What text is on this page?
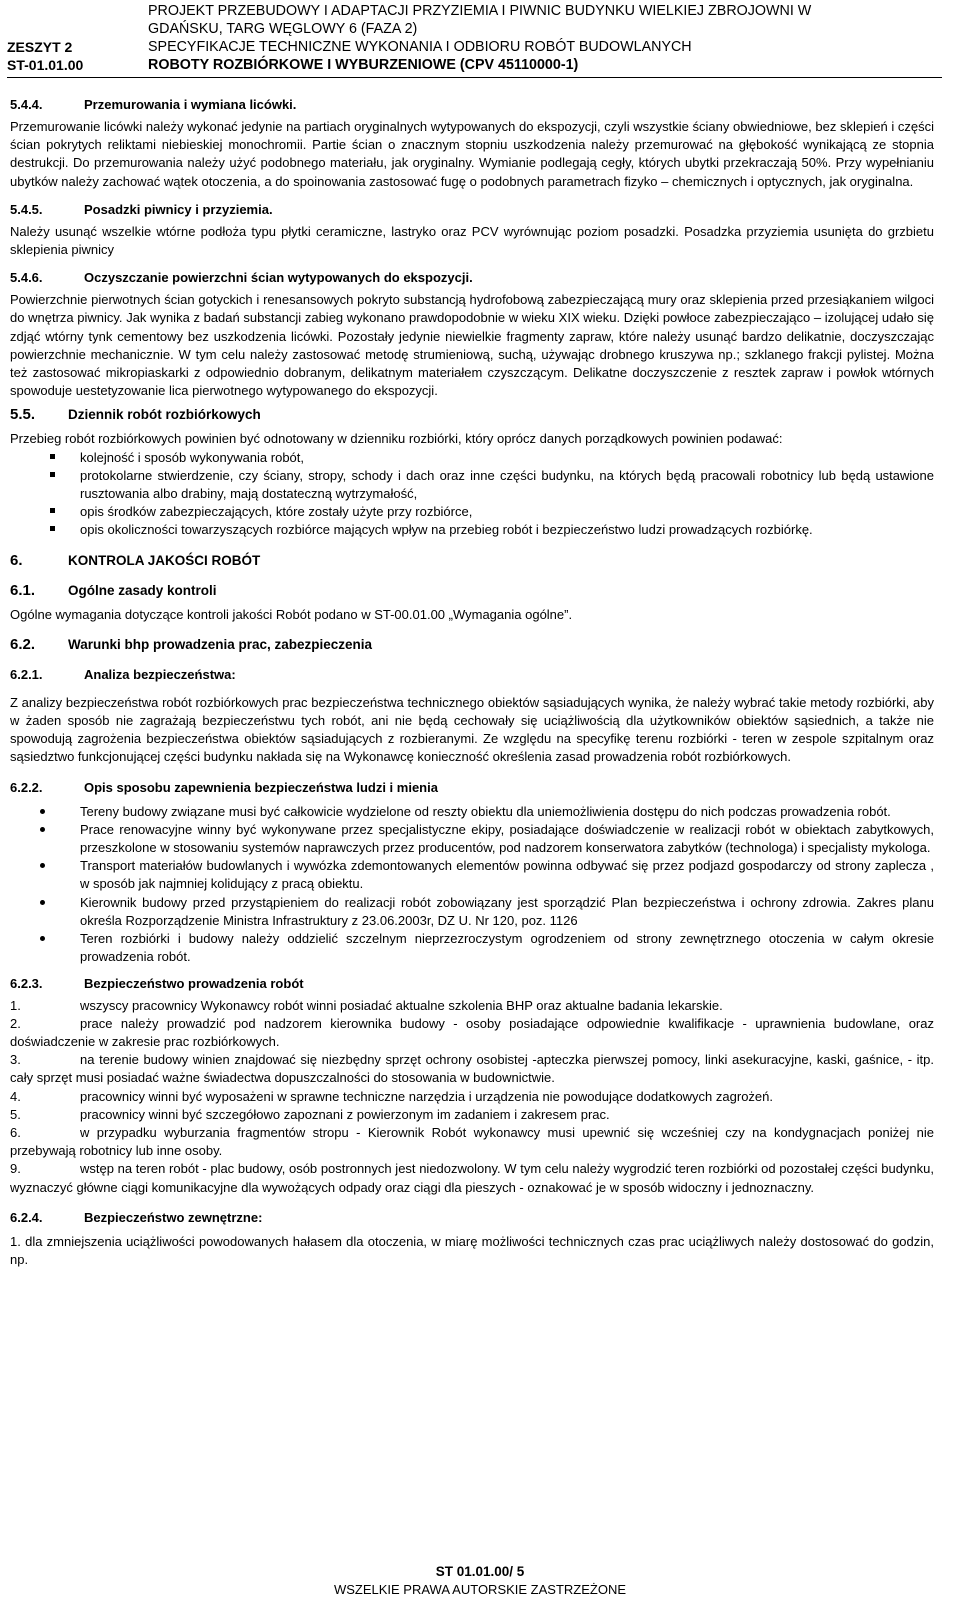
PROJEKT PRZEBUDOWY I ADAPTACJI PRZYZIEMIA I PIWNIC BUDYNKU WIELKIEJ ZBROJOWNI W
GDAŃSKU, TARG WĘGLOWY 6 (FAZA 2)
ZESZYT 2	SPECYFIKACJE TECHNICZNE WYKONANIA I ODBIORU ROBÓT BUDOWLANYCH
ST-01.01.00	ROBOTY ROZBIÓRKOWE I WYBURZENIOWE (CPV 45110000-1)
5.4.4.	Przemurowania i wymiana licówki.

Przemurowanie licówki należy wykonać jedynie na partiach oryginalnych wytypowanych do ekspozycji, czyli wszystkie ściany obwiedniowe, bez sklepień i części ścian pokrytych reliktami niebieskiej monochromii. Partie ścian o znacznym stopniu uszkodzenia należy przemurować na głębokość wynikającą ze stopnia destrukcji. Do przemurowania należy użyć podobnego materiału, jak oryginalny. Wymianie podlegają cegły, których ubytki przekraczają 50%. Przy wypełnianiu ubytków należy zachować wątek otoczenia, a do spoinowania zastosować fugę o podobnych parametrach fizyko – chemicznych i optycznych, jak oryginalna.

5.4.5.	Posadzki piwnicy i przyziemia.

Należy usunąć wszelkie wtórne podłoża typu płytki ceramiczne, lastryko oraz PCV wyrównując poziom posadzki. Posadzka przyziemia usunięta do grzbietu sklepienia piwnicy

5.4.6.	Oczyszczanie powierzchni ścian wytypowanych do ekspozycji.

Powierzchnie pierwotnych ścian gotyckich i renesansowych pokryto substancją hydrofobową zabezpieczającą mury oraz sklepienia przed przesiąkaniem wilgoci do wnętrza piwnicy. Jak wynika z badań substancji zabieg wykonano prawdopodobnie w wieku XIX wieku. Dzięki powłoce zabezpieczająco – izolującej udało się zdjąć wtórny tynk cementowy bez uszkodzenia licówki. Pozostały jedynie niewielkie fragmenty zapraw, które należy usunąć bardzo delikatnie, doczyszczając powierzchnie mechanicznie. W tym celu należy zastosować metodę strumieniową, suchą, używając drobnego kruszywa np.; szklanego frakcji pylistej. Można też zastosować mikropiaskarki z odpowiednio dobranym, delikatnym materiałem czyszczącym. Delikatne doczyszczenie z resztek zapraw i powłok wtórnych spowoduje uestetyzowanie lica pierwotnego wytypowanego do ekspozycji.

5.5.	Dziennik robót rozbiórkowych

Przebieg robót rozbiórkowych powinien być odnotowany w dzienniku rozbiórki, który oprócz danych porządkowych powinien podawać:

kolejność i sposób wykonywania robót,
protokolarne stwierdzenie, czy ściany, stropy, schody i dach oraz inne części budynku, na których będą pracowali robotnicy lub będą ustawione rusztowania albo drabiny, mają dostateczną wytrzymałość,
opis środków zabezpieczających, które zostały użyte przy rozbiórce,
opis okoliczności towarzyszących rozbiórce mających wpływ na przebieg robót i bezpieczeństwo ludzi prowadzących rozbiórkę.
6.	KONTROLA JAKOŚCI ROBÓT
6.1.	Ogólne zasady kontroli

Ogólne wymagania dotyczące kontroli jakości Robót podano w ST-00.01.00 „Wymagania ogólne”.

6.2.	Warunki bhp prowadzenia prac, zabezpieczenia
6.2.1.	Analiza bezpieczeństwa:

Z analizy bezpieczeństwa robót rozbiórkowych prac bezpieczeństwa technicznego obiektów sąsiadujących wynika, że należy wybrać takie metody rozbiórki, aby w żaden sposób nie zagrażają bezpieczeństwu tych robót, ani nie będą cechowały się uciążliwością dla użytkowników obiektów sąsiednich, a także nie spowodują zagrożenia bezpieczeństwa obiektów sąsiadujących z rozbieranymi. Ze względu na specyfikę terenu rozbiórki - teren w zespole szpitalnym oraz sąsiedztwo funkcjonującej części budynku nakłada się na Wykonawcę konieczność określenia zasad prowadzenia robót rozbiórkowych.

6.2.2.	Opis sposobu zapewnienia bezpieczeństwa ludzi i mienia
Tereny budowy związane musi być całkowicie wydzielone od reszty obiektu dla uniemożliwienia dostępu do nich podczas prowadzenia robót.
Prace renowacyjne winny być wykonywane przez specjalistyczne ekipy, posiadające doświadczenie w realizacji robót w obiektach zabytkowych, przeszkolone w stosowaniu systemów naprawczych przez producentów, pod nadzorem konserwatora zabytków (technologa) i specjalisty mykologa.
Transport materiałów budowlanych i wywózka zdemontowanych elementów powinna odbywać się przez podjazd gospodarczy od strony zaplecza , w sposób jak najmniej kolidujący z pracą obiektu.
Kierownik budowy przed przystąpieniem do realizacji robót zobowiązany jest sporządzić Plan bezpieczeństwa i ochrony zdrowia. Zakres planu określa Rozporządzenie Ministra Infrastruktury z 23.06.2003r, DZ U. Nr 120, poz. 1126
Teren rozbiórki i budowy należy oddzielić szczelnym nieprzezroczystym ogrodzeniem od strony zewnętrznego otoczenia w całym okresie prowadzenia robót.
6.2.3.	Bezpieczeństwo prowadzenia robót
1.	wszyscy pracownicy Wykonawcy robót winni posiadać aktualne szkolenia BHP oraz aktualne badania lekarskie.
2.	prace należy prowadzić pod nadzorem kierownika budowy - osoby posiadające odpowiednie kwalifikacje - uprawnienia budowlane, oraz doświadczenie w zakresie prac rozbiórkowych.
3.	na terenie budowy winien znajdować się niezbędny sprzęt ochrony osobistej -apteczka pierwszej pomocy, linki asekuracyjne, kaski, gaśnice, - itp. cały sprzęt musi posiadać ważne świadectwa dopuszczalności do stosowania w budownictwie.
4.	pracownicy winni być wyposażeni w sprawne techniczne narzędzia i urządzenia nie powodujące dodatkowych zagrożeń.
5.	pracownicy winni być szczegółowo zapoznani z powierzonym im zadaniem i zakresem prac.
6.	w przypadku wyburzania fragmentów stropu - Kierownik Robót wykonawcy musi upewnić się wcześniej czy na kondygnacjach poniżej nie przebywają robotnicy lub inne osoby.
9.	wstęp na teren robót - plac budowy, osób postronnych jest niedozwolony. W tym celu należy wygrodzić teren rozbiórki od pozostałej części budynku, wyznaczyć główne ciągi komunikacyjne dla wywożących odpady oraz ciągi dla pieszych - oznakować je w sposób widoczny i jednoznaczny.
6.2.4.	Bezpieczeństwo zewnętrzne:

1. dla zmniejszenia uciążliwości powodowanych hałasem dla otoczenia, w miarę możliwości technicznych czas prac uciążliwych należy dostosować do godzin, np.

ST 01.01.00/ 5
WSZELKIE PRAWA AUTORSKIE ZASTRZEŻONE
